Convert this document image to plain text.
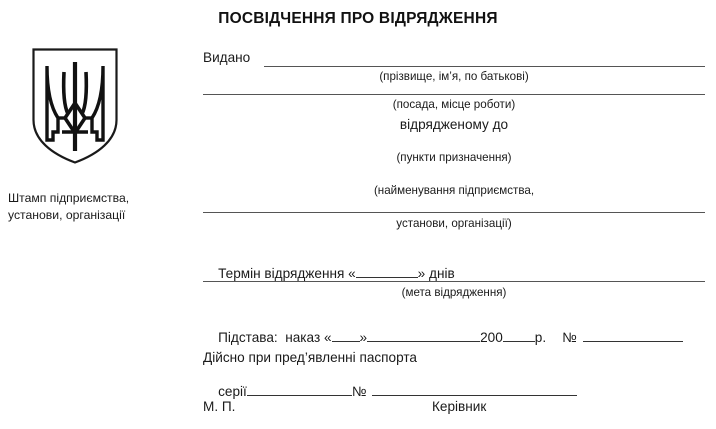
ПОСВІДЧЕННЯ ПРО ВІДРЯДЖЕННЯ
Штамп підприємства,
установи, організації
Видано
(прізвище, ім’я, по батькові)
(посада, місце роботи)
відрядженому до
(пункти призначення)
(найменування підприємства,
установи, організації)

Термін відрядження «	» днів

(мета відрядження)

Підстава:  наказ « »	200 р. №

Дійсно при пред’явленні паспорта

серії	№

М. П.	Керівник
